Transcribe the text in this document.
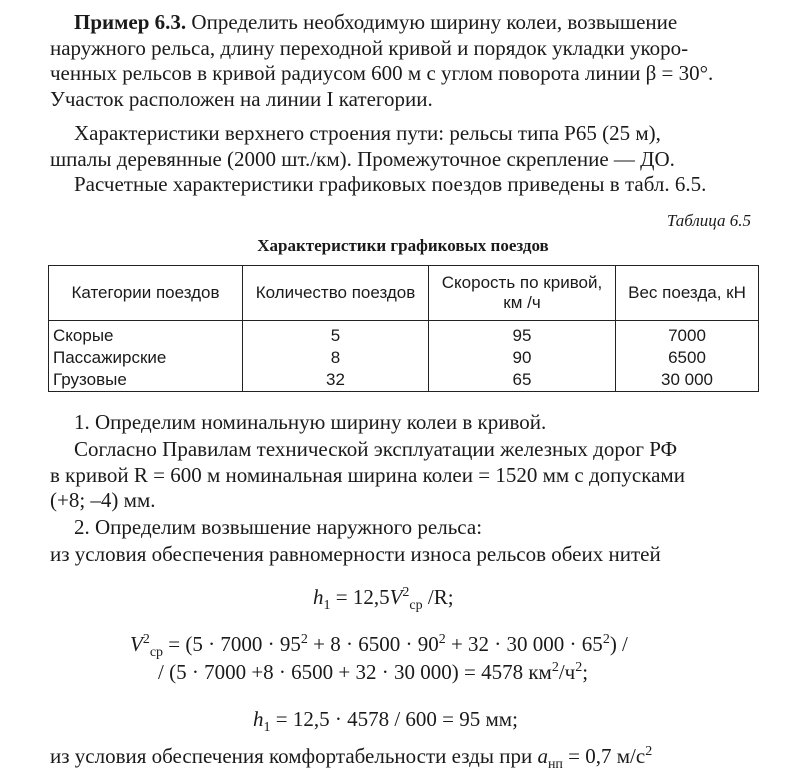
Пример 6.3. Определить необходимую ширину колеи, возвышение
наружного рельса, длину переходной кривой и порядок укладки укоро-
ченных рельсов в кривой радиусом 600 м с углом поворота линии β = 30°.
Участок расположен на линии I категории.
Характеристики верхнего строения пути: рельсы типа Р65 (25 м),
шпалы деревянные (2000 шт./км). Промежуточное скрепление — ДО.
Расчетные характеристики графиковых поездов приведены в табл. 6.5.
Таблица 6.5
Характеристики графиковых поездов
Категории поездов	Количество поездов	Скорость по кривой, км /ч	Вес поезда, кН
Скорые	5	95	7000
Пассажирские	8	90	6500
Грузовые	32	65	30 000
1. Определим номинальную ширину колеи в кривой.
Согласно Правилам технической эксплуатации железных дорог РФ
в кривой R = 600 м номинальная ширина колеи = 1520 мм с допусками
(+8; –4) мм.
2. Определим возвышение наружного рельса:
из условия обеспечения равномерности износа рельсов обеих нитей
$h_1 = 12,5V^2_{ср}$ /R;
$V^2_{ср} = (5 \cdot 7000 \cdot 95^2 + 8 \cdot 6500 \cdot 90^2 + 32 \cdot 30$ $000 \cdot 65^2$) /
/ (5 · 7000 +8 · 6500 + 32 · 30 000) = 4578 $км^2/ч^2$;
$h_1 = 12,5 \cdot 4578 / 600 = 95$ мм;
из условия обеспечения комфортабельности езды при $a_{нп} = 0,7$ $м/с^2$
